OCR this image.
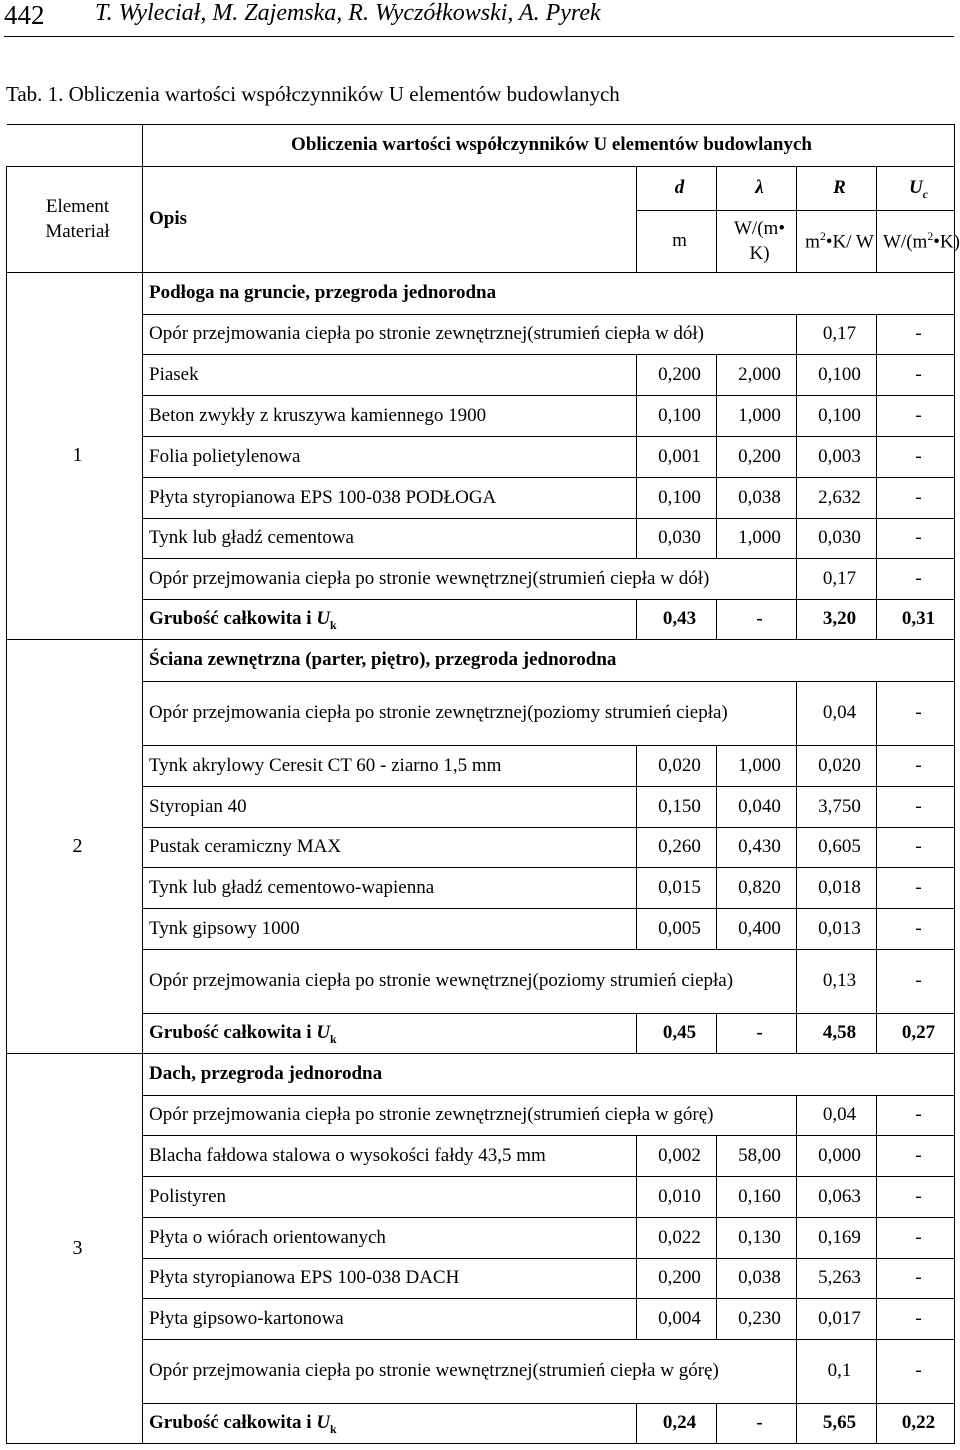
442 T. Wyleciał, M. Zajemska, R. Wyczółkowski, A. Pyrek
Tab. 1. Obliczenia wartości współczynników U elementów budowlanych
	Obliczenia wartości współczynników U elementów budowlanych				
Element Materiał	Opis	d	λ	R	$U_c$
		m	W/(m• K)	$m^2•K/$ W	$W/(m^2•K)$
1	Podłoga na gruncie, przegroda jednorodna				
	Opór przejmowania ciepła po stronie zewnętrznej(strumień ciepła w dół)			0,17	-
	Piasek	0,200	2,000	0,100	-
	Beton zwykły z kruszywa kamiennego 1900	0,100	1,000	0,100	-
	Folia polietylenowa	0,001	0,200	0,003	-
	Płyta styropianowa EPS 100-038 PODŁOGA	0,100	0,038	2,632	-
	Tynk lub gładź cementowa	0,030	1,000	0,030	-
	Opór przejmowania ciepła po stronie wewnętrznej(strumień ciepła w dół)			0,17	-
	Grubość całkowita i $U_k$	0,43	-	3,20	0,31
2	Ściana zewnętrzna (parter, piętro), przegroda jednorodna				
	Opór przejmowania ciepła po stronie zewnętrznej(poziomy strumień ciepła)			0,04	-
	Tynk akrylowy Ceresit CT 60 - ziarno 1,5 mm	0,020	1,000	0,020	-
	Styropian 40	0,150	0,040	3,750	-
	Pustak ceramiczny MAX	0,260	0,430	0,605	-
	Tynk lub gładź cementowo-wapienna	0,015	0,820	0,018	-
	Tynk gipsowy 1000	0,005	0,400	0,013	-
	Opór przejmowania ciepła po stronie wewnętrznej(poziomy strumień ciepła)			0,13	-
	Grubość całkowita i $U_k$	0,45	-	4,58	0,27
3	Dach, przegroda jednorodna				
	Opór przejmowania ciepła po stronie zewnętrznej(strumień ciepła w górę)			0,04	-
	Blacha fałdowa stalowa o wysokości fałdy 43,5 mm	0,002	58,00	0,000	-
	Polistyren	0,010	0,160	0,063	-
	Płyta o wiórach orientowanych	0,022	0,130	0,169	-
	Płyta styropianowa EPS 100-038 DACH	0,200	0,038	5,263	-
	Płyta gipsowo-kartonowa	0,004	0,230	0,017	-
	Opór przejmowania ciepła po stronie wewnętrznej(strumień ciepła w górę)			0,1	-
	Grubość całkowita i $U_k$	0,24	-	5,65	0,22
